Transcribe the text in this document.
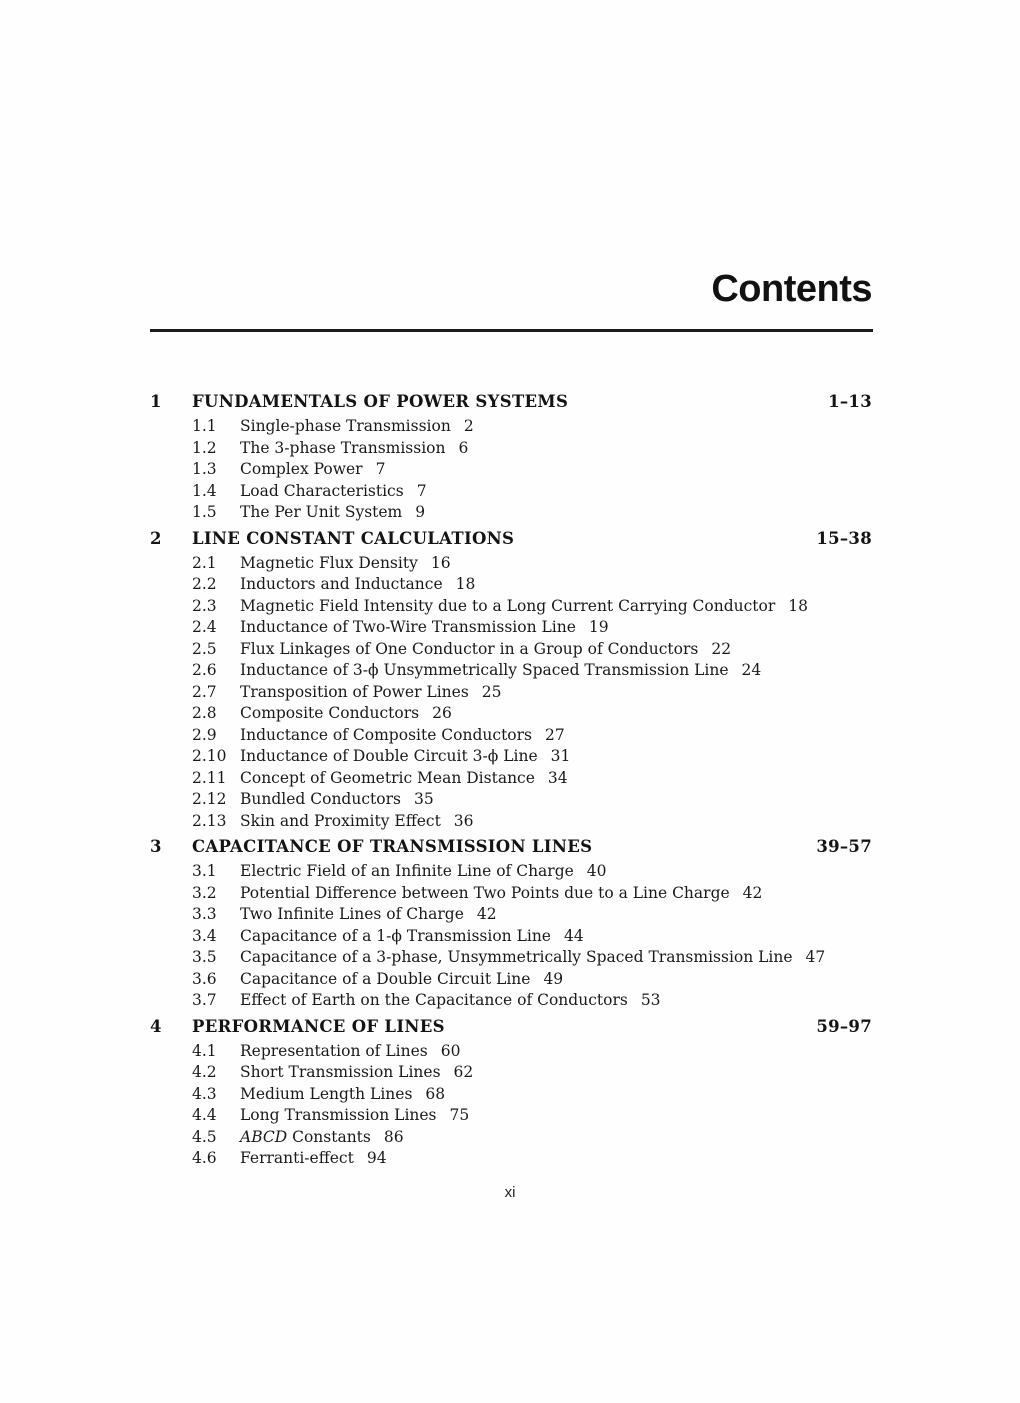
Contents
1	FUNDAMENTALS OF POWER SYSTEMS	1–13
1.1	Single-phase Transmission 2
1.2	The 3-phase Transmission 6
1.3	Complex Power 7
1.4	Load Characteristics 7
1.5	The Per Unit System 9
2	LINE CONSTANT CALCULATIONS	15–38
2.1	Magnetic Flux Density 16
2.2	Inductors and Inductance 18
2.3	Magnetic Field Intensity due to a Long Current Carrying Conductor 18
2.4	Inductance of Two-Wire Transmission Line 19
2.5	Flux Linkages of One Conductor in a Group of Conductors 22
2.6	Inductance of 3-ϕ Unsymmetrically Spaced Transmission Line 24
2.7	Transposition of Power Lines 25
2.8	Composite Conductors 26
2.9	Inductance of Composite Conductors 27
2.10 Inductance of Double Circuit 3-ϕ Line 31
2.11 Concept of Geometric Mean Distance 34
2.12 Bundled Conductors 35
2.13 Skin and Proximity Effect 36
3	CAPACITANCE OF TRANSMISSION LINES	39–57
3.1	Electric Field of an Infinite Line of Charge 40
3.2	Potential Difference between Two Points due to a Line Charge 42
3.3	Two Infinite Lines of Charge 42
3.4	Capacitance of a 1-ϕ Transmission Line 44
3.5	Capacitance of a 3-phase, Unsymmetrically Spaced Transmission Line 47
3.6	Capacitance of a Double Circuit Line 49
3.7	Effect of Earth on the Capacitance of Conductors 53
4	PERFORMANCE OF LINES	59–97
4.1	Representation of Lines 60
4.2	Short Transmission Lines 62
4.3	Medium Length Lines 68
4.4	Long Transmission Lines 75
4.5	ABCD Constants 86
4.6	Ferranti-effect 94
xi
